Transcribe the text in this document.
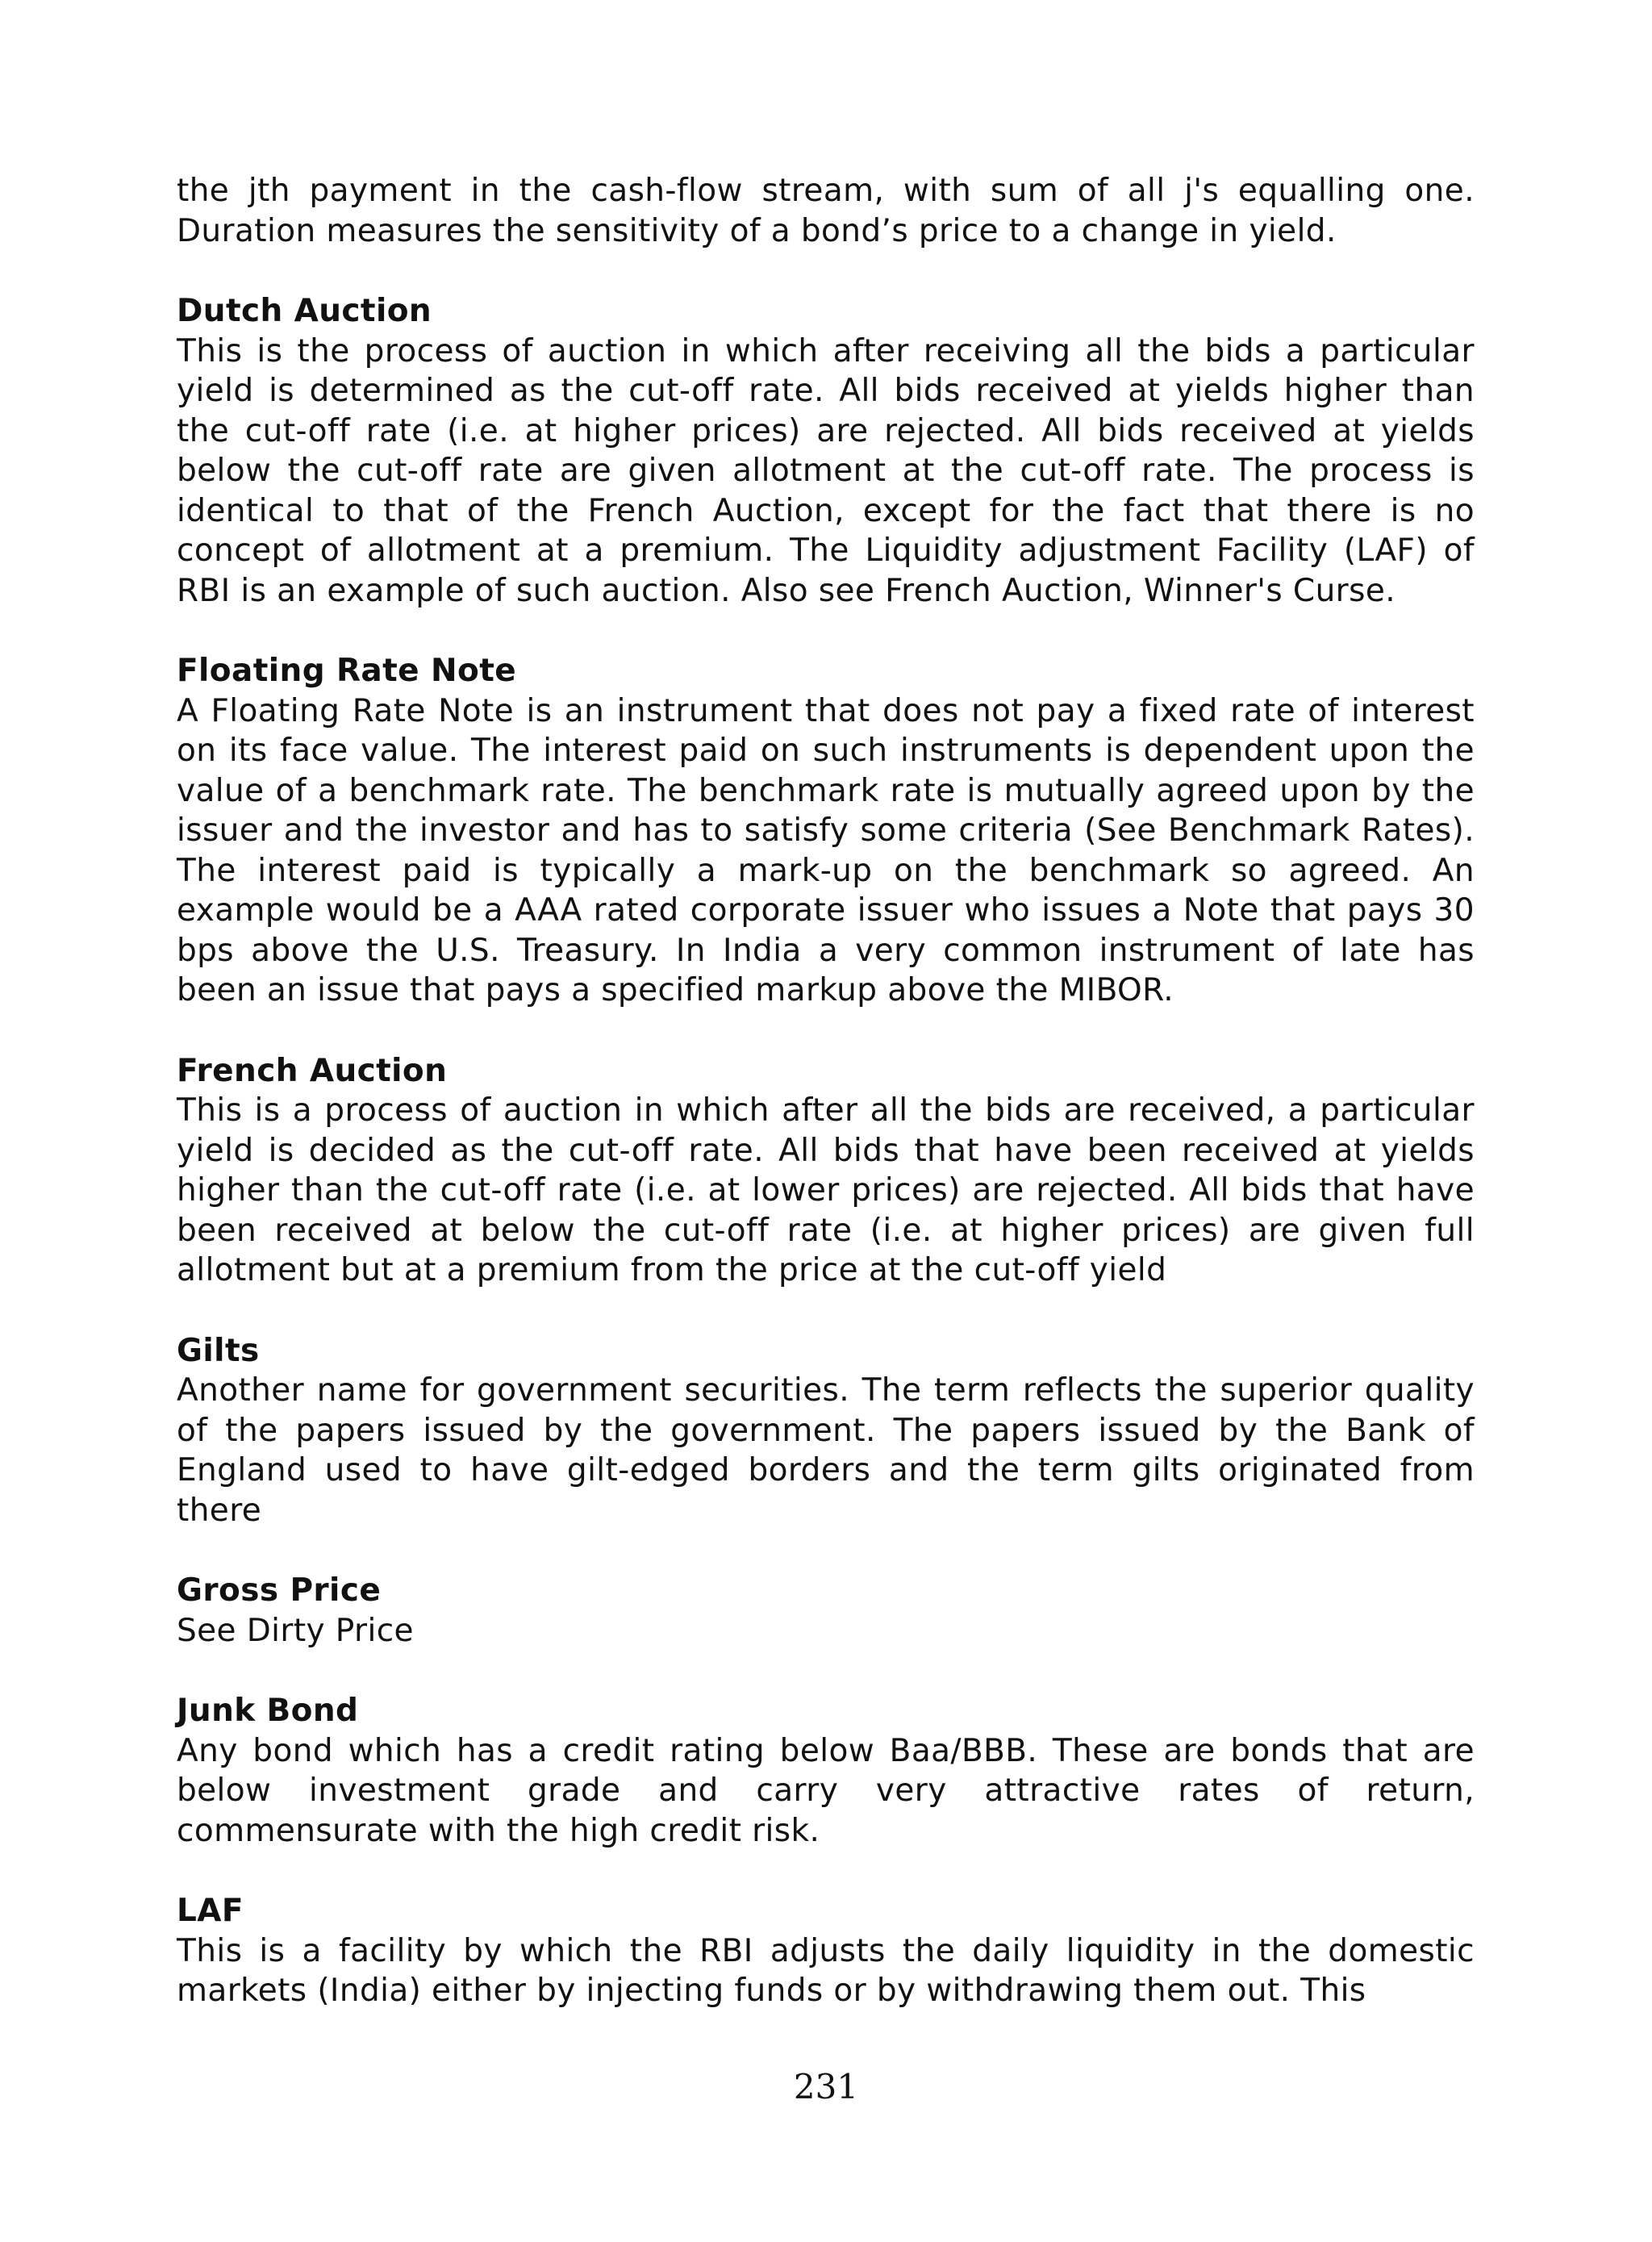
the jth payment in the cash-flow stream, with sum of all j's equalling one. Duration measures the sensitivity of a bond’s price to a change in yield.

Dutch Auction

This is the process of auction in which after receiving all the bids a particular yield is determined as the cut-off rate. All bids received at yields higher than the cut-off rate (i.e. at higher prices) are rejected. All bids received at yields below the cut-off rate are given allotment at the cut-off rate. The process is identical to that of the French Auction, except for the fact that there is no concept of allotment at a premium. The Liquidity adjustment Facility (LAF) of RBI is an example of such auction. Also see French Auction, Winner's Curse.

Floating Rate Note

A Floating Rate Note is an instrument that does not pay a fixed rate of interest on its face value. The interest paid on such instruments is dependent upon the value of a benchmark rate. The benchmark rate is mutually agreed upon by the issuer and the investor and has to satisfy some criteria (See Benchmark Rates). The interest paid is typically a mark-up on the benchmark so agreed. An example would be a AAA rated corporate issuer who issues a Note that pays 30 bps above the U.S. Treasury. In India a very common instrument of late has been an issue that pays a specified markup above the MIBOR.

French Auction

This is a process of auction in which after all the bids are received, a particular yield is decided as the cut-off rate. All bids that have been received at yields higher than the cut-off rate (i.e. at lower prices) are rejected. All bids that have been received at below the cut-off rate (i.e. at higher prices) are given full allotment but at a premium from the price at the cut-off yield

Gilts

Another name for government securities. The term reflects the superior quality of the papers issued by the government. The papers issued by the Bank of England used to have gilt-edged borders and the term gilts originated from there

Gross Price

See Dirty Price

Junk Bond

Any bond which has a credit rating below Baa/BBB. These are bonds that are below investment grade and carry very attractive rates of return, commensurate with the high credit risk.

LAF

This is a facility by which the RBI adjusts the daily liquidity in the domestic markets (India) either by injecting funds or by withdrawing them out. This

231
